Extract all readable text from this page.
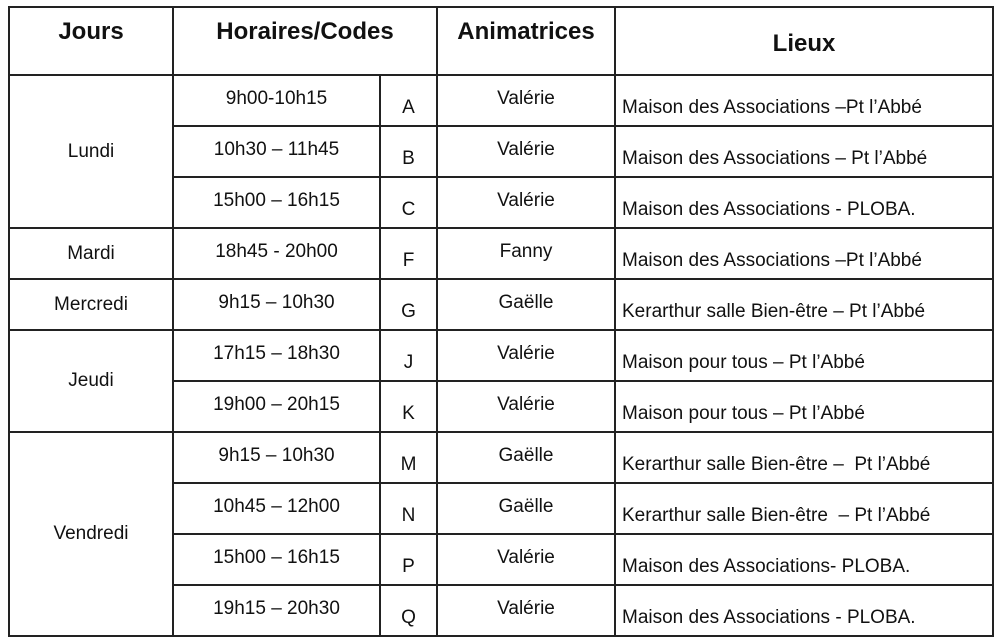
Jours	Horaires/Codes		Animatrices	Lieux
Lundi	9h00-10h15	A	Valérie	Maison des Associations –Pt l’Abbé
	10h30 – 11h45	B	Valérie	Maison des Associations – Pt l’Abbé
	15h00 – 16h15	C	Valérie	Maison des Associations - PLOBA.
Mardi	18h45 - 20h00	F	Fanny	Maison des Associations –Pt l’Abbé
Mercredi	9h15 – 10h30	G	Gaëlle	Kerarthur salle Bien-être – Pt l’Abbé
Jeudi	17h15 – 18h30	J	Valérie	Maison pour tous – Pt l’Abbé
	19h00 – 20h15	K	Valérie	Maison pour tous – Pt l’Abbé
Vendredi	9h15 – 10h30	M	Gaëlle	Kerarthur salle Bien-être –  Pt l’Abbé
	10h45 – 12h00	N	Gaëlle	Kerarthur salle Bien-être  – Pt l’Abbé
	15h00 – 16h15	P	Valérie	Maison des Associations- PLOBA.
	19h15 – 20h30	Q	Valérie	Maison des Associations - PLOBA.
